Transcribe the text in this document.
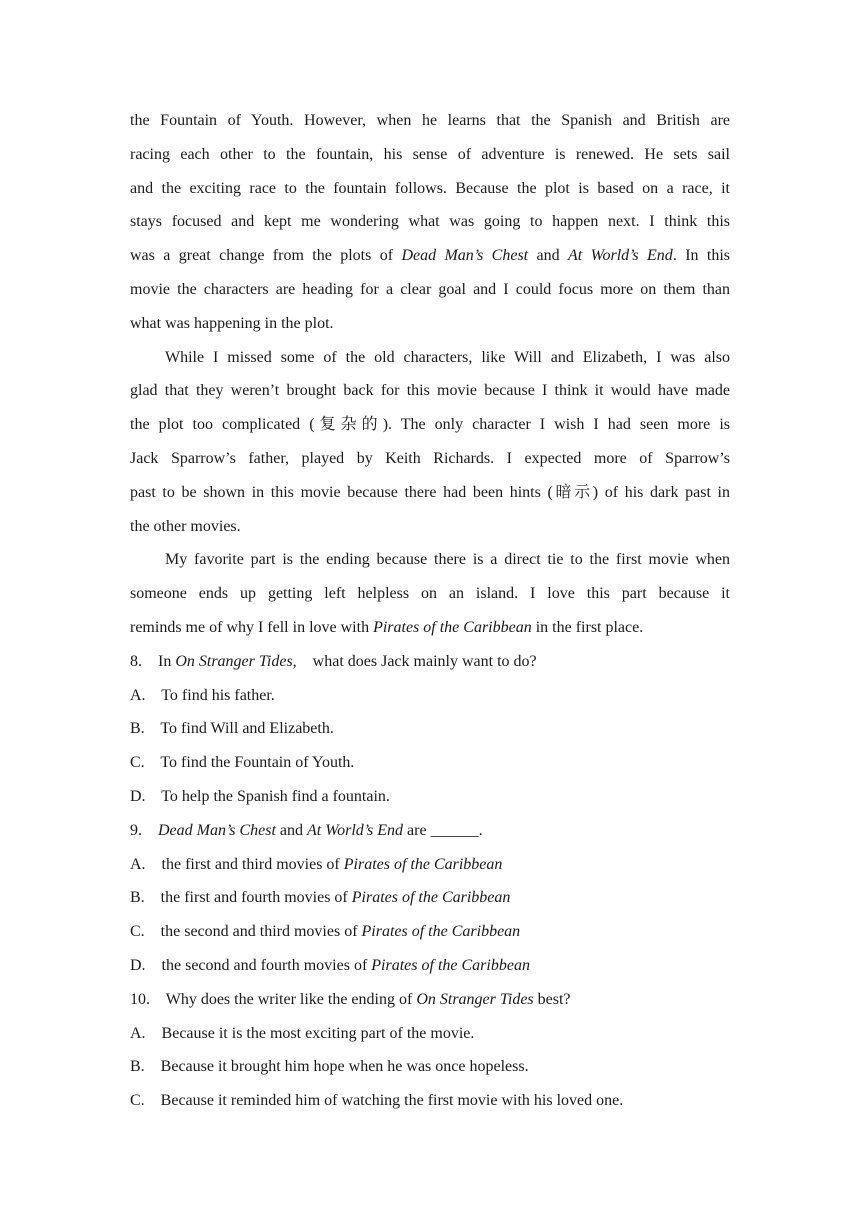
the Fountain of Youth. However, when he learns that the Spanish and British are
racing each other to the fountain, his sense of adventure is renewed. He sets sail
and the exciting race to the fountain follows. Because the plot is based on a race, it
stays focused and kept me wondering what was going to happen next. I think this
was a great change from the plots of Dead Man’s Chest and At World’s End. In this
movie the characters are heading for a clear goal and I could focus more on them than
what was happening in the plot.
While I missed some of the old characters, like Will and Elizabeth, I was also
glad that they weren’t brought back for this movie because I think it would have made
the plot too complicated (复杂的). The only character I wish I had seen more is
Jack Sparrow’s father, played by Keith Richards. I expected more of Sparrow’s
past to be shown in this movie because there had been hints (暗示) of his dark past in
the other movies.
My favorite part is the ending because there is a direct tie to the first movie when
someone ends up getting left helpless on an island. I love this part because it
reminds me of why I fell in love with Pirates of the Caribbean in the first place.
8.    In On Stranger Tides,    what does Jack mainly want to do?
A.    To find his father.
B.    To find Will and Elizabeth.
C.    To find the Fountain of Youth.
D.    To help the Spanish find a fountain.
9.    Dead Man’s Chest and At World’s End are ______.
A.    the first and third movies of Pirates of the Caribbean
B.    the first and fourth movies of Pirates of the Caribbean
C.    the second and third movies of Pirates of the Caribbean
D.    the second and fourth movies of Pirates of the Caribbean
10.    Why does the writer like the ending of On Stranger Tides best?
A.    Because it is the most exciting part of the movie.
B.    Because it brought him hope when he was once hopeless.
C.    Because it reminded him of watching the first movie with his loved one.
